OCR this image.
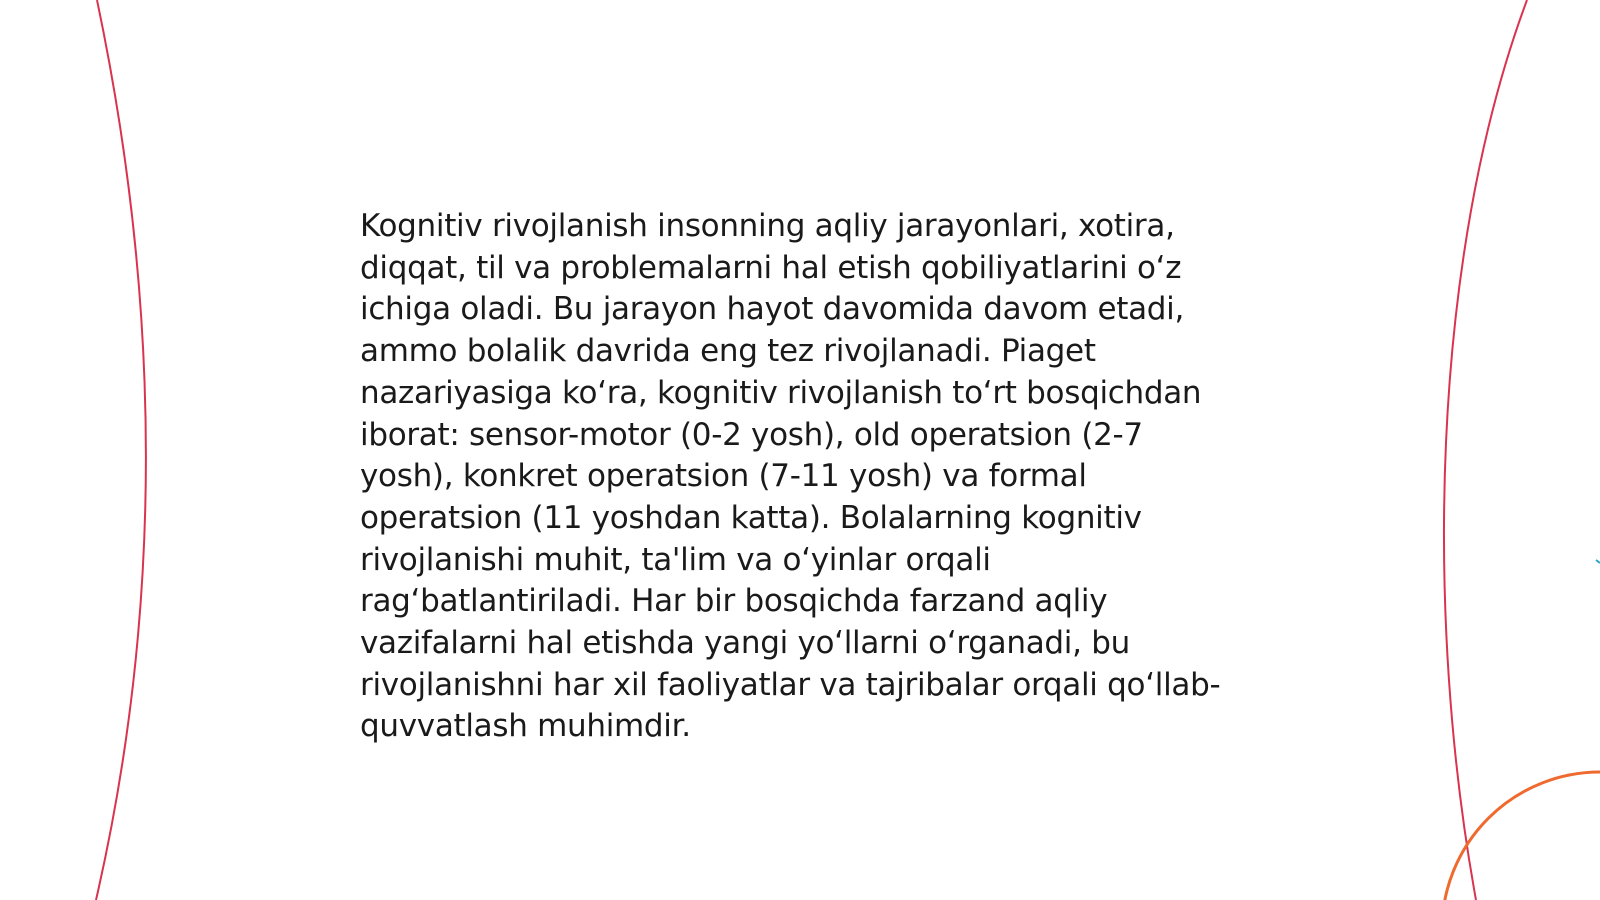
Kognitiv rivojlanish insonning aqliy jarayonlari, xotira, diqqat, til va problemalarni hal etish qobiliyatlarini o‘z ichiga oladi. Bu jarayon hayot davomida davom etadi, ammo bolalik davrida eng tez rivojlanadi. Piaget nazariyasiga ko‘ra, kognitiv rivojlanish to‘rt bosqichdan iborat: sensor-motor (0-2 yosh), old operatsion (2-7 yosh), konkret operatsion (7-11 yosh) va formal operatsion (11 yoshdan katta). Bolalarning kognitiv rivojlanishi muhit, ta'lim va o‘yinlar orqali rag‘batlantiriladi. Har bir bosqichda farzand aqliy vazifalarni hal etishda yangi yo‘llarni o‘rganadi, bu rivojlanishni har xil faoliyatlar va tajribalar orqali qo‘llab-quvvatlash muhimdir.
